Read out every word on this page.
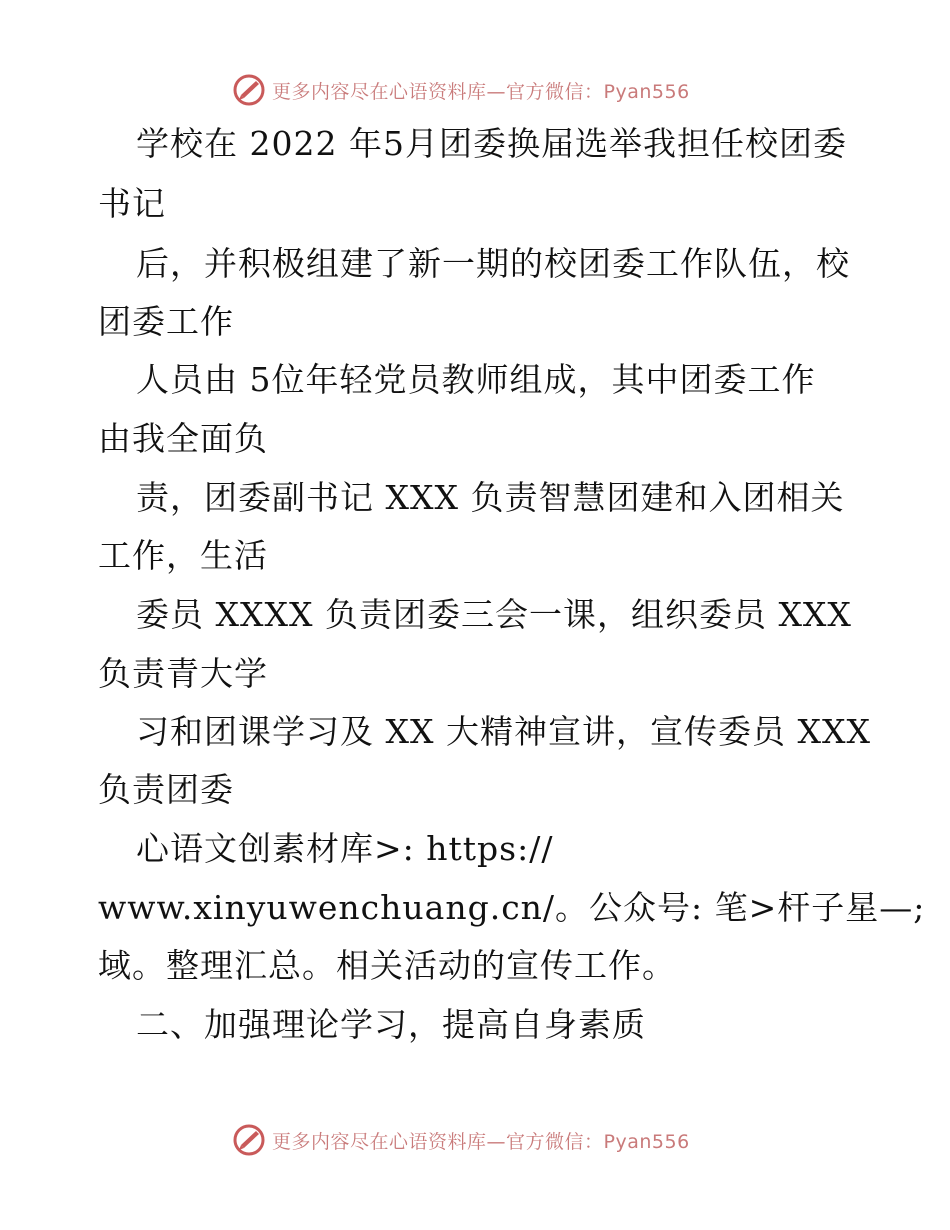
更多内容尽在心语资料库—官方微信：Pyan556
学校在 2022 年5月团委换届选举我担任校团委
书记
后，并积极组建了新一期的校团委工作队伍，校
团委工作
人员由 5位年轻党员教师组成，其中团委工作
由我全面负
责，团委副书记 XXX 负责智慧团建和入团相关
工作，生活
委员 XXXX 负责团委三会一课，组织委员 XXX
负责青大学
习和团课学习及 XX 大精神宣讲，宣传委员 XXX
负责团委
心语文创素材库>: https://
www.xinyuwenchuang.cn/。公众号: 笔>杆子星—;
域。整理汇总。相关活动的宣传工作。
二、加强理论学习，提高自身素质
更多内容尽在心语资料库—官方微信：Pyan556
